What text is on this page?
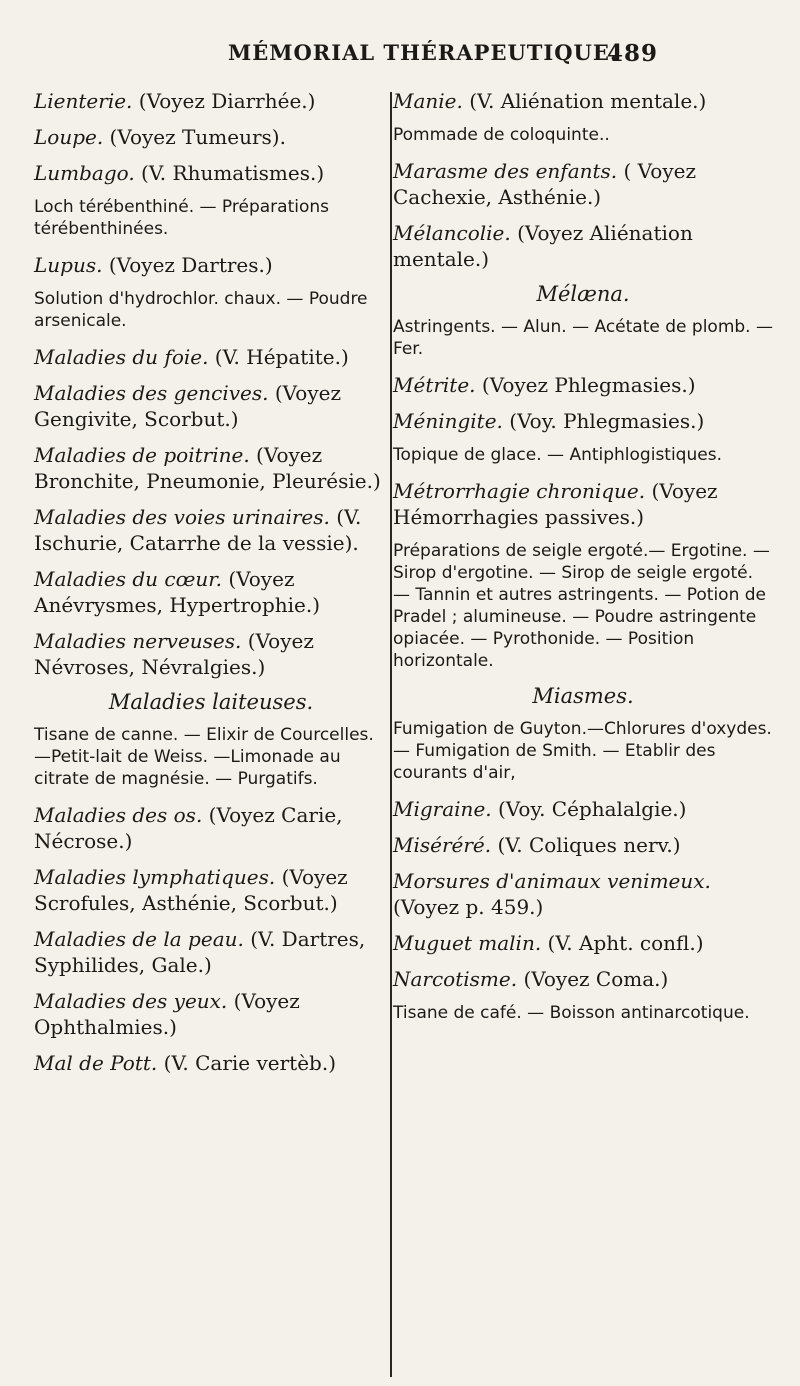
MÉMORIAL THÉRAPEUTIQUE.
489
Lienterie. (Voyez Diarrhée.)
Loupe. (Voyez Tumeurs).
Lumbago. (V. Rhumatismes.)
Loch térébenthiné. — Préparations térébenthinées.
Lupus. (Voyez Dartres.)
Solution d'hydrochlor. chaux. — Poudre arsenicale.
Maladies du foie. (V. Hépatite.)
Maladies des gencives. (Voyez Gengivite, Scorbut.)
Maladies de poitrine. (Voyez Bronchite, Pneumonie, Pleurésie.)
Maladies des voies urinaires. (V. Ischurie, Catarrhe de la vessie).
Maladies du cœur. (Voyez Anévrysmes, Hypertrophie.)
Maladies nerveuses. (Voyez Névroses, Névralgies.)
Maladies laiteuses.
Tisane de canne. — Elixir de Courcelles. —Petit-lait de Weiss. —Limonade au citrate de magnésie. — Purgatifs.
Maladies des os. (Voyez Carie, Nécrose.)
Maladies lymphatiques. (Voyez Scrofules, Asthénie, Scorbut.)
Maladies de la peau. (V. Dartres, Syphilides, Gale.)
Maladies des yeux. (Voyez Ophthalmies.)
Mal de Pott. (V. Carie vertèb.)
Manie. (V. Aliénation mentale.)
Pommade de coloquinte..
Marasme des enfants. ( Voyez Cachexie, Asthénie.)
Mélancolie. (Voyez Aliénation mentale.)
Mélæna.
Astringents. — Alun. — Acétate de plomb. — Fer.
Métrite. (Voyez Phlegmasies.)
Méningite. (Voy. Phlegmasies.)
Topique de glace. — Antiphlogistiques.
Métrorrhagie chronique. (Voyez Hémorrhagies passives.)
Préparations de seigle ergoté.— Ergotine. — Sirop d'ergotine. — Sirop de seigle ergoté. — Tannin et autres astringents. — Potion de Pradel ; alumineuse. — Poudre astringente opiacée. — Pyrothonide. — Position horizontale.
Miasmes.
Fumigation de Guyton.—Chlorures d'oxydes. — Fumigation de Smith. — Etablir des courants d'air,
Migraine. (Voy. Céphalalgie.)
Miséréré. (V. Coliques nerv.)
Morsures d'animaux venimeux. (Voyez p. 459.)
Muguet malin. (V. Apht. confl.)
Narcotisme. (Voyez Coma.)
Tisane de café. — Boisson antinarcotique.
